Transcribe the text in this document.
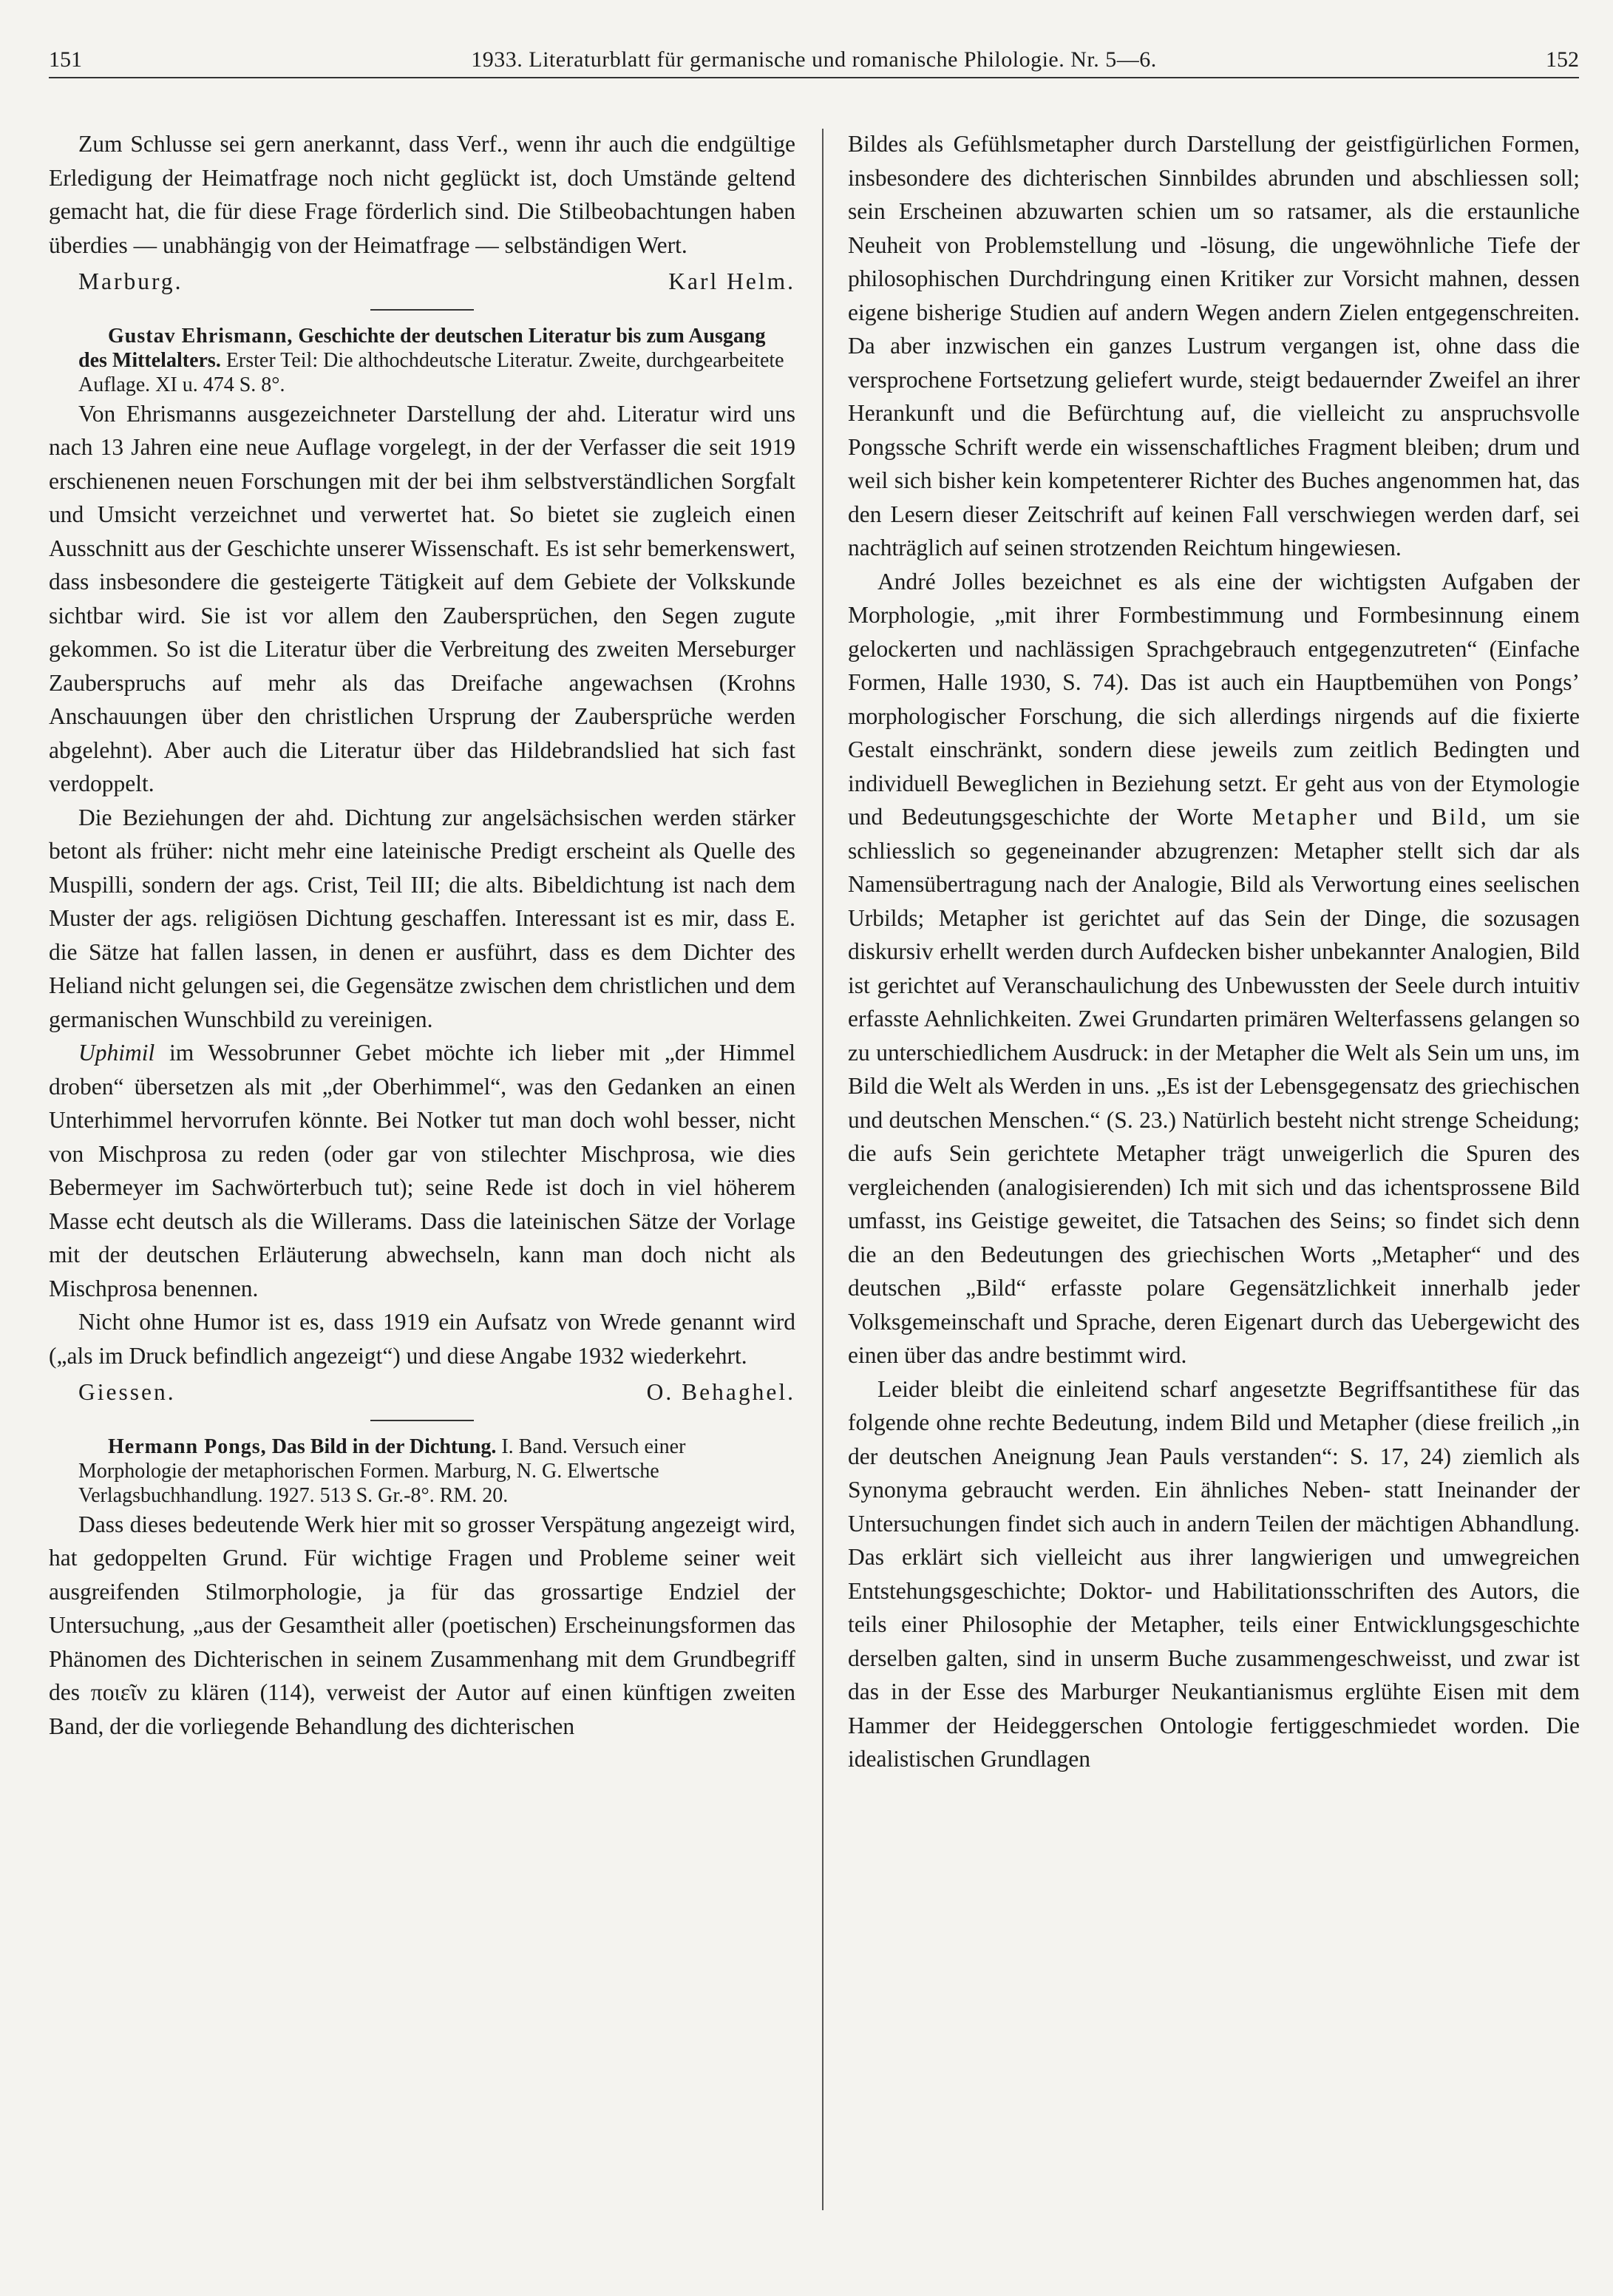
151	1933. Literaturblatt für germanische und romanische Philologie. Nr. 5—6.	152

Zum Schlusse sei gern anerkannt, dass Verf., wenn ihr auch die endgültige Erledigung der Heimatfrage noch nicht geglückt ist, doch Umstände geltend gemacht hat, die für diese Frage förderlich sind. Die Stilbeobachtungen haben überdies — unabhängig von der Heimatfrage — selbständigen Wert.

Marburg.	Karl Helm.

Gustav Ehrismann, Geschichte der deutschen Literatur bis zum Ausgang des Mittelalters. Erster Teil: Die althochdeutsche Literatur. Zweite, durchgearbeitete Auflage. XI u. 474 S. 8°.

Von Ehrismanns ausgezeichneter Darstellung der ahd. Literatur wird uns nach 13 Jahren eine neue Auflage vorgelegt, in der der Verfasser die seit 1919 erschienenen neuen Forschungen mit der bei ihm selbstverständlichen Sorgfalt und Umsicht verzeichnet und verwertet hat. So bietet sie zugleich einen Ausschnitt aus der Geschichte unserer Wissenschaft. Es ist sehr bemerkenswert, dass insbesondere die gesteigerte Tätigkeit auf dem Gebiete der Volkskunde sichtbar wird. Sie ist vor allem den Zaubersprüchen, den Segen zugute gekommen. So ist die Literatur über die Verbreitung des zweiten Merseburger Zauberspruchs auf mehr als das Dreifache angewachsen (Krohns Anschauungen über den christlichen Ursprung der Zaubersprüche werden abgelehnt). Aber auch die Literatur über das Hildebrandslied hat sich fast verdoppelt.

Die Beziehungen der ahd. Dichtung zur angelsächsischen werden stärker betont als früher: nicht mehr eine lateinische Predigt erscheint als Quelle des Muspilli, sondern der ags. Crist, Teil III; die alts. Bibeldichtung ist nach dem Muster der ags. religiösen Dichtung geschaffen. Interessant ist es mir, dass E. die Sätze hat fallen lassen, in denen er ausführt, dass es dem Dichter des Heliand nicht gelungen sei, die Gegensätze zwischen dem christlichen und dem germanischen Wunschbild zu vereinigen.

Uphimil im Wessobrunner Gebet möchte ich lieber mit „der Himmel droben“ übersetzen als mit „der Oberhimmel“, was den Gedanken an einen Unterhimmel hervorrufen könnte. Bei Notker tut man doch wohl besser, nicht von Mischprosa zu reden (oder gar von stilechter Mischprosa, wie dies Bebermeyer im Sachwörterbuch tut); seine Rede ist doch in viel höherem Masse echt deutsch als die Willerams. Dass die lateinischen Sätze der Vorlage mit der deutschen Erläuterung abwechseln, kann man doch nicht als Mischprosa benennen.

Nicht ohne Humor ist es, dass 1919 ein Aufsatz von Wrede genannt wird („als im Druck befindlich angezeigt“) und diese Angabe 1932 wiederkehrt.

Giessen.	O. Behaghel.

Hermann Pongs, Das Bild in der Dichtung. I. Band. Versuch einer Morphologie der metaphorischen Formen. Marburg, N. G. Elwertsche Verlagsbuchhandlung. 1927. 513 S. Gr.-8°. RM. 20.

Dass dieses bedeutende Werk hier mit so grosser Verspätung angezeigt wird, hat gedoppelten Grund. Für wichtige Fragen und Probleme seiner weit ausgreifenden Stilmorphologie, ja für das grossartige Endziel der Untersuchung, „aus der Gesamtheit aller (poetischen) Erscheinungsformen das Phänomen des Dichterischen in seinem Zusammenhang mit dem Grundbegriff des ποιεῖν zu klären (114), verweist der Autor auf einen künftigen zweiten Band, der die vorliegende Behandlung des dichterischen

Bildes als Gefühlsmetapher durch Darstellung der geistfigürlichen Formen, insbesondere des dichterischen Sinnbildes abrunden und abschliessen soll; sein Erscheinen abzuwarten schien um so ratsamer, als die erstaunliche Neuheit von Problemstellung und -lösung, die ungewöhnliche Tiefe der philosophischen Durchdringung einen Kritiker zur Vorsicht mahnen, dessen eigene bisherige Studien auf andern Wegen andern Zielen entgegenschreiten. Da aber inzwischen ein ganzes Lustrum vergangen ist, ohne dass die versprochene Fortsetzung geliefert wurde, steigt bedauernder Zweifel an ihrer Herankunft und die Befürchtung auf, die vielleicht zu anspruchsvolle Pongssche Schrift werde ein wissenschaftliches Fragment bleiben; drum und weil sich bisher kein kompetenterer Richter des Buches angenommen hat, das den Lesern dieser Zeitschrift auf keinen Fall verschwiegen werden darf, sei nachträglich auf seinen strotzenden Reichtum hingewiesen.

André Jolles bezeichnet es als eine der wichtigsten Aufgaben der Morphologie, „mit ihrer Formbestimmung und Formbesinnung einem gelockerten und nachlässigen Sprachgebrauch entgegenzutreten“ (Einfache Formen, Halle 1930, S. 74). Das ist auch ein Hauptbemühen von Pongs’ morphologischer Forschung, die sich allerdings nirgends auf die fixierte Gestalt einschränkt, sondern diese jeweils zum zeitlich Bedingten und individuell Beweglichen in Beziehung setzt. Er geht aus von der Etymologie und Bedeutungsgeschichte der Worte Metapher und Bild, um sie schliesslich so gegeneinander abzugrenzen: Metapher stellt sich dar als Namensübertragung nach der Analogie, Bild als Verwortung eines seelischen Urbilds; Metapher ist gerichtet auf das Sein der Dinge, die sozusagen diskursiv erhellt werden durch Aufdecken bisher unbekannter Analogien, Bild ist gerichtet auf Veranschaulichung des Unbewussten der Seele durch intuitiv erfasste Aehnlichkeiten. Zwei Grundarten primären Welterfassens gelangen so zu unterschiedlichem Ausdruck: in der Metapher die Welt als Sein um uns, im Bild die Welt als Werden in uns. „Es ist der Lebensgegensatz des griechischen und deutschen Menschen.“ (S. 23.) Natürlich besteht nicht strenge Scheidung; die aufs Sein gerichtete Metapher trägt unweigerlich die Spuren des vergleichenden (analogisierenden) Ich mit sich und das ichentsprossene Bild umfasst, ins Geistige geweitet, die Tatsachen des Seins; so findet sich denn die an den Bedeutungen des griechischen Worts „Metapher“ und des deutschen „Bild“ erfasste polare Gegensätzlichkeit innerhalb jeder Volksgemeinschaft und Sprache, deren Eigenart durch das Uebergewicht des einen über das andre bestimmt wird.

Leider bleibt die einleitend scharf angesetzte Begriffsantithese für das folgende ohne rechte Bedeutung, indem Bild und Metapher (diese freilich „in der deutschen Aneignung Jean Pauls verstanden“: S. 17, 24) ziemlich als Synonyma gebraucht werden. Ein ähnliches Neben- statt Ineinander der Untersuchungen findet sich auch in andern Teilen der mächtigen Abhandlung. Das erklärt sich vielleicht aus ihrer langwierigen und umwegreichen Entstehungsgeschichte; Doktor- und Habilitationsschriften des Autors, die teils einer Philosophie der Metapher, teils einer Entwicklungsgeschichte derselben galten, sind in unserm Buche zusammengeschweisst, und zwar ist das in der Esse des Marburger Neukantianismus erglühte Eisen mit dem Hammer der Heideggerschen Ontologie fertiggeschmiedet worden. Die idealistischen Grundlagen
